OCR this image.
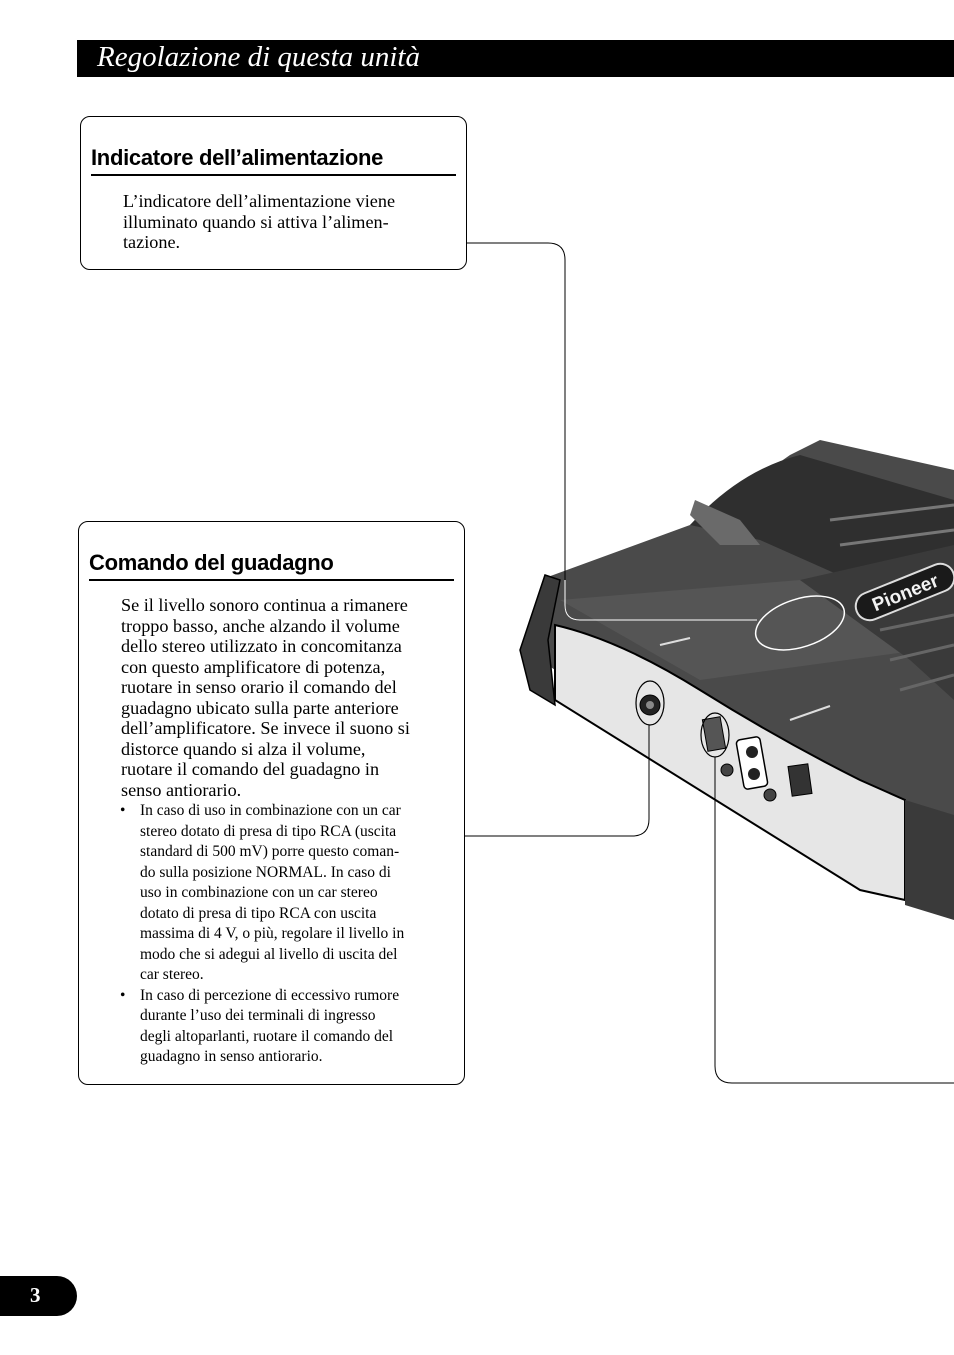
Regolazione di questa unità
Pioneer
Indicatore dell’alimentazione
L’indicatore dell’alimentazione viene
illuminato quando si attiva l’alimen-
tazione.
Comando del guadagno
Se il livello sonoro continua a rimanere
troppo basso, anche alzando il volume
dello stereo utilizzato in concomitanza
con questo amplificatore di potenza,
ruotare in senso orario il comando del
guadagno ubicato sulla parte anteriore
dell’amplificatore. Se invece il suono si
distorce quando si alza il volume,
ruotare il comando del guadagno in
senso antiorario.
• In caso di uso in combinazione con un car
stereo dotato di presa di tipo RCA (uscita
standard di 500 mV) porre questo coman-
do sulla posizione NORMAL. In caso di
uso in combinazione con un car stereo
dotato di presa di tipo RCA con uscita
massima di 4 V, o più, regolare il livello in
modo che si adegui al livello di uscita del
car stereo.
• In caso di percezione di eccessivo rumore
durante l’uso dei terminali di ingresso
degli altoparlanti, ruotare il comando del
guadagno in senso antiorario.
3
